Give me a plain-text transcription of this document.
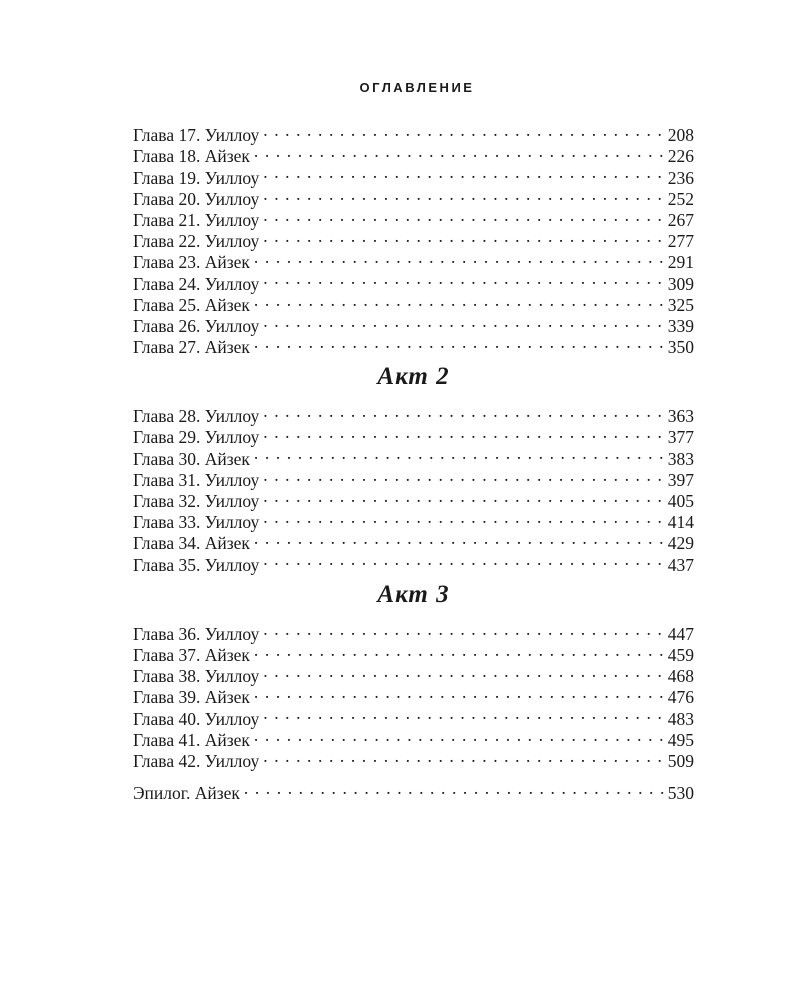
ОГЛАВЛЕНИЕ
Глава 17. Уиллоу . . .	208
Глава 18. Айзек . . .	226
Глава 19. Уиллоу . . .	236
Глава 20. Уиллоу . . .	252
Глава 21. Уиллоу . . .	267
Глава 22. Уиллоу . . .	277
Глава 23. Айзек . . .	291
Глава 24. Уиллоу . . .	309
Глава 25. Айзек . . .	325
Глава 26. Уиллоу . . .	339
Глава 27. Айзек . . .	350
Акт 2
Глава 28. Уиллоу . . .	363
Глава 29. Уиллоу . . .	377
Глава 30. Айзек . . .	383
Глава 31. Уиллоу . . .	397
Глава 32. Уиллоу . . .	405
Глава 33. Уиллоу . . .	414
Глава 34. Айзек . . .	429
Глава 35. Уиллоу . . .	437
Акт 3
Глава 36. Уиллоу . . .	447
Глава 37. Айзек . . .	459
Глава 38. Уиллоу . . .	468
Глава 39. Айзек . . .	476
Глава 40. Уиллоу . . .	483
Глава 41. Айзек . . .	495
Глава 42. Уиллоу . . .	509
Эпилог. Айзек . . .	530
